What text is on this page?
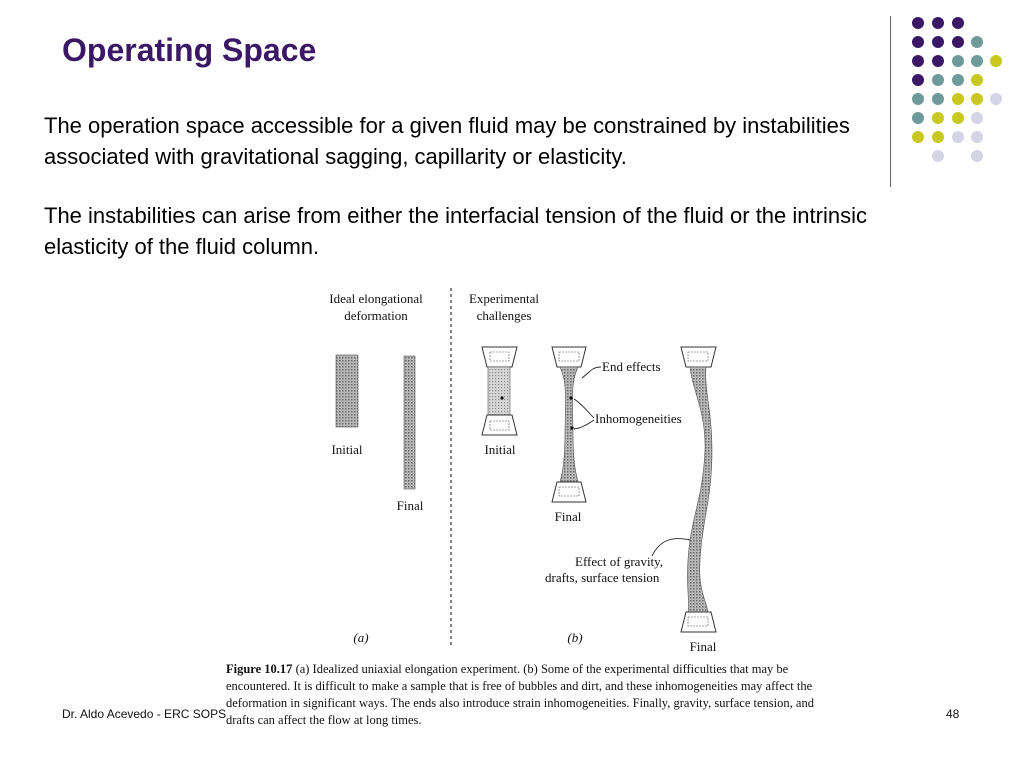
Operating Space

The operation space accessible for a given fluid may be constrained by instabilities associated with gravitational sagging, capillarity or elasticity.

The instabilities can arise from either the interfacial tension of the fluid or the intrinsic elasticity of the fluid column.

Ideal elongational
deformation
Experimental
challenges
Initial
Final
Initial
Final
End effects
Inhomogeneities
Final
Effect of gravity,
drafts, surface tension
(a)	(b)

Figure 10.17 (a) Idealized uniaxial elongation experiment. (b) Some of the experimental difficulties that may be encountered. It is difficult to make a sample that is free of bubbles and dirt, and these inhomogeneities may affect the deformation in significant ways. The ends also introduce strain inhomogeneities. Finally, gravity, surface tension, and drafts can affect the flow at long times.

Dr. Aldo Acevedo - ERC SOPS	48
